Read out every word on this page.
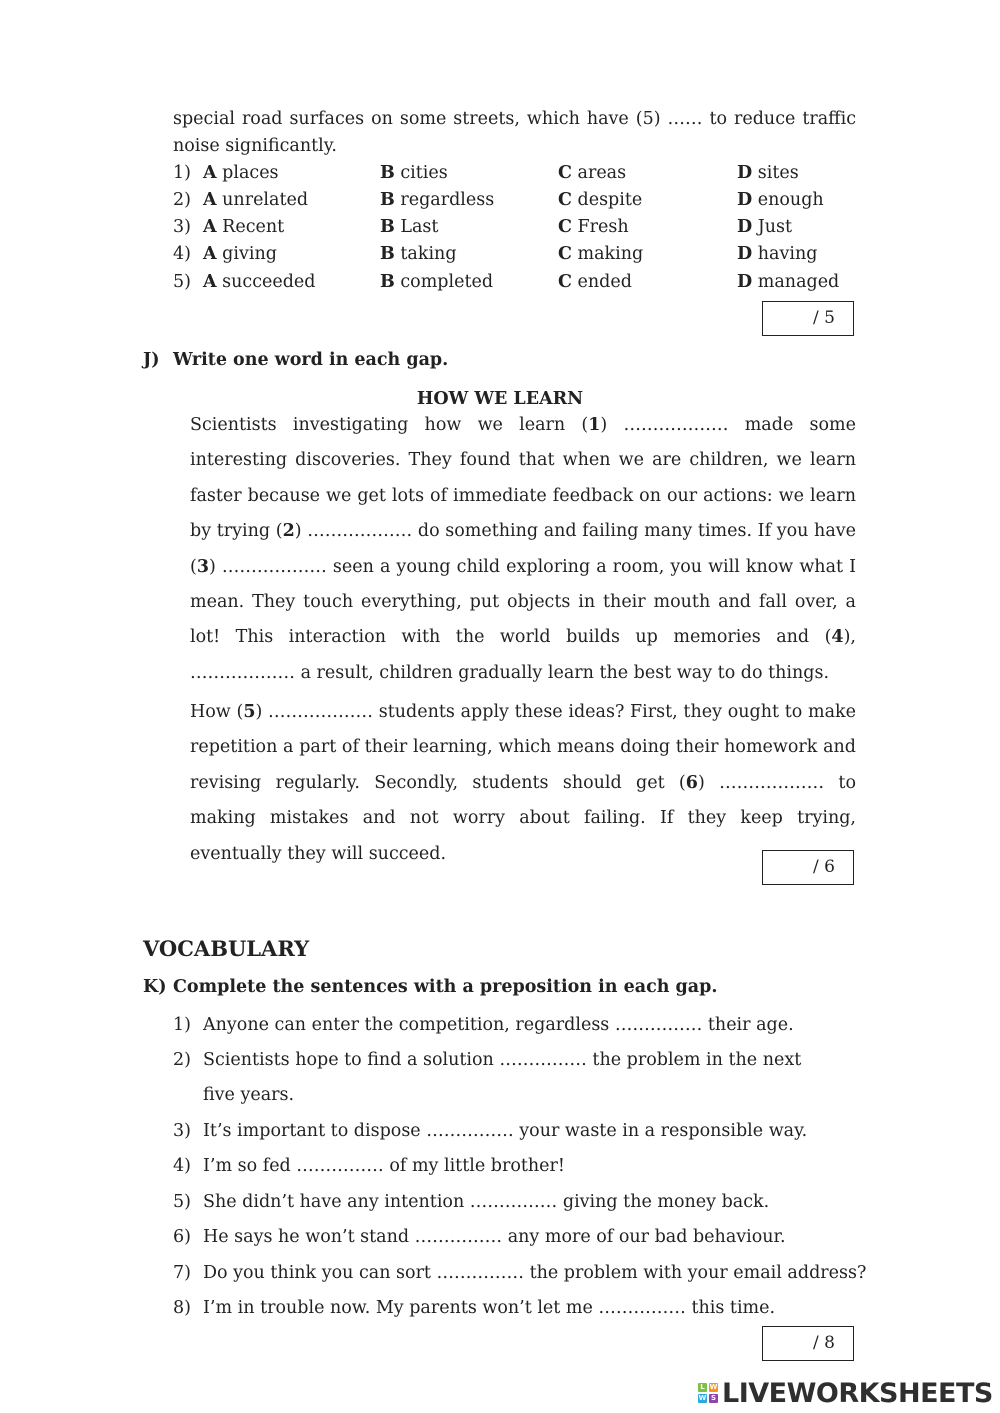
special road surfaces on some streets, which have (5) …… to reduce traffic noise significantly.
1) A places	B cities	C areas	D sites
2) A unrelated	B regardless	C despite	D enough
3) A Recent	B Last	C Fresh	D Just
4) A giving	B taking	C making	D having
5) A succeeded	B completed	C ended	D managed
/ 5
J) Write one word in each gap.
HOW WE LEARN
Scientists investigating how we learn (1) ……………… made some interesting discoveries. They found that when we are children, we learn faster because we get lots of immediate feedback on our actions: we learn by trying (2) ……………… do something and failing many times. If you have (3) ……………… seen a young child exploring a room, you will know what I mean. They touch everything, put objects in their mouth and fall over, a lot! This interaction with the world builds up memories and (4), ……………… a result, children gradually learn the best way to do things.
How (5) ……………… students apply these ideas? First, they ought to make repetition a part of their learning, which means doing their homework and revising regularly. Secondly, students should get (6) ……………… to making mistakes and not worry about failing. If they keep trying, eventually they will succeed.
/ 6
VOCABULARY
K) Complete the sentences with a preposition in each gap.
1) Anyone can enter the competition, regardless …………… their age.
2) Scientists hope to find a solution …………… the problem in the next five years.
3) It’s important to dispose …………… your waste in a responsible way.
4) I’m so fed …………… of my little brother!
5) She didn’t have any intention …………… giving the money back.
6) He says he won’t stand …………… any more of our bad behaviour.
7) Do you think you can sort …………… the problem with your email address?
8) I’m in trouble now. My parents won’t let me …………… this time.
/ 8
L W
W S LIVEWORKSHEETS
